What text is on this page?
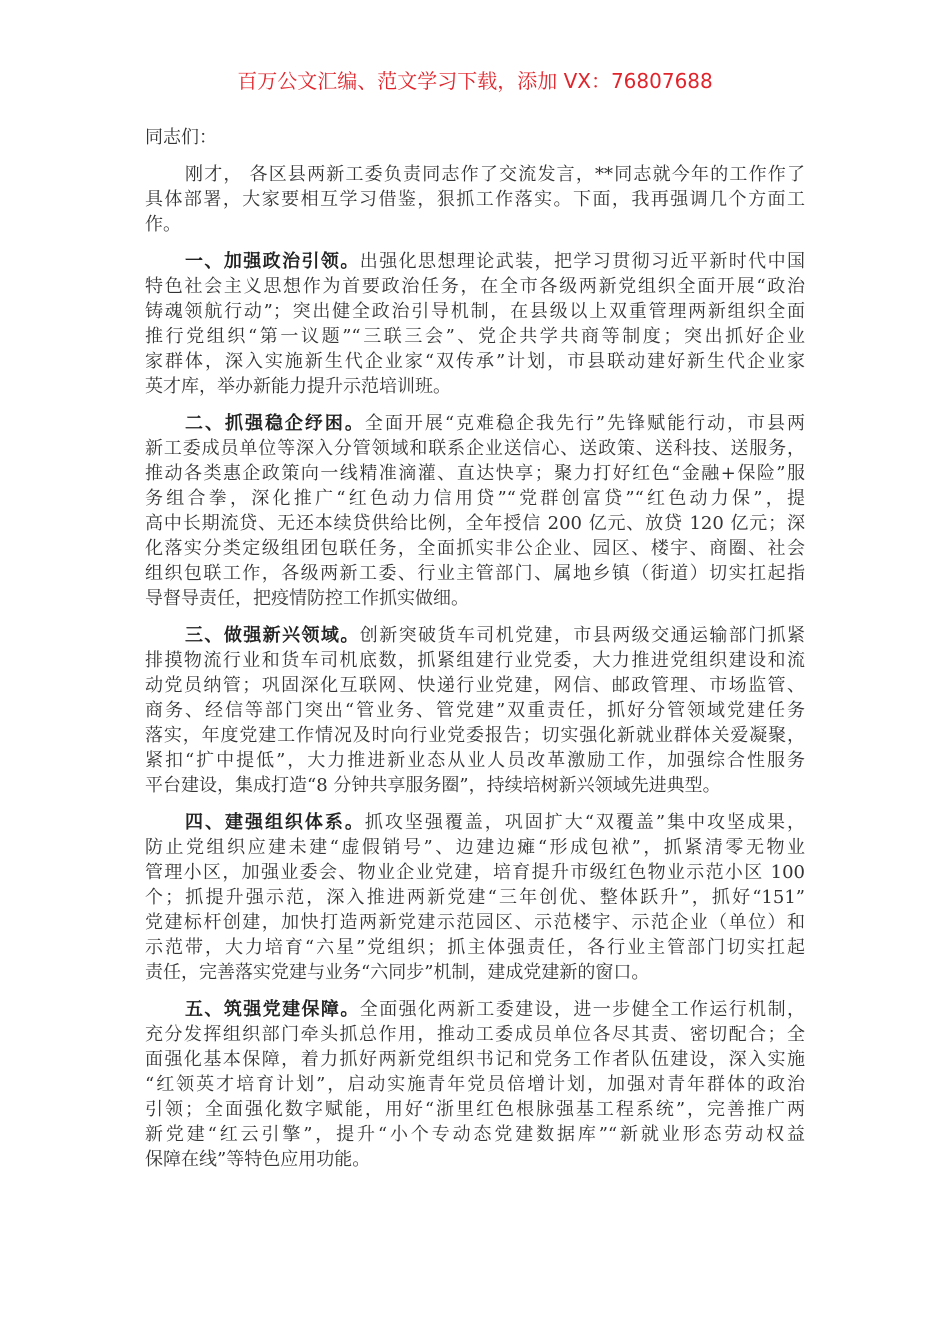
百万公文汇编、范文学习下载，添加 VX：76807688
同志们：
刚才， 各区县两新工委负责同志作了交流发言，**同志就今年的工作作了
具体部署，大家要相互学习借鉴，狠抓工作落实。下面，我再强调几个方面工
作。
一、加强政治引领。出强化思想理论武装，把学习贯彻习近平新时代中国
特色社会主义思想作为首要政治任务，在全市各级两新党组织全面开展“政治
铸魂领航行动”；突出健全政治引导机制，在县级以上双重管理两新组织全面
推行党组织“第一议题”“三联三会”、党企共学共商等制度；突出抓好企业
家群体，深入实施新生代企业家“双传承”计划，市县联动建好新生代企业家
英才库，举办新能力提升示范培训班。
二、抓强稳企纾困。全面开展“克难稳企我先行”先锋赋能行动，市县两
新工委成员单位等深入分管领域和联系企业送信心、送政策、送科技、送服务，
推动各类惠企政策向一线精准滴灌、直达快享；聚力打好红色“金融+保险”服
务组合拳，深化推广“红色动力信用贷”“党群创富贷”“红色动力保”，提
高中长期流贷、无还本续贷供给比例，全年授信 200 亿元、放贷 120 亿元；深
化落实分类定级组团包联任务，全面抓实非公企业、园区、楼宇、商圈、社会
组织包联工作，各级两新工委、行业主管部门、属地乡镇（街道）切实扛起指
导督导责任，把疫情防控工作抓实做细。
三、做强新兴领域。创新突破货车司机党建，市县两级交通运输部门抓紧
排摸物流行业和货车司机底数，抓紧组建行业党委，大力推进党组织建设和流
动党员纳管；巩固深化互联网、快递行业党建，网信、邮政管理、市场监管、
商务、经信等部门突出“管业务、管党建”双重责任，抓好分管领域党建任务
落实，年度党建工作情况及时向行业党委报告；切实强化新就业群体关爱凝聚，
紧扣“扩中提低”，大力推进新业态从业人员改革激励工作，加强综合性服务
平台建设，集成打造“8 分钟共享服务圈”，持续培树新兴领域先进典型。
四、建强组织体系。抓攻坚强覆盖，巩固扩大“双覆盖”集中攻坚成果，
防止党组织应建未建“虚假销号”、边建边瘫“形成包袱”，抓紧清零无物业
管理小区，加强业委会、物业企业党建，培育提升市级红色物业示范小区 100
个；抓提升强示范，深入推进两新党建“三年创优、整体跃升”，抓好“151”
党建标杆创建，加快打造两新党建示范园区、示范楼宇、示范企业（单位）和
示范带，大力培育“六星”党组织；抓主体强责任，各行业主管部门切实扛起
责任，完善落实党建与业务“六同步”机制，建成党建新的窗口。
五、筑强党建保障。全面强化两新工委建设，进一步健全工作运行机制，
充分发挥组织部门牵头抓总作用，推动工委成员单位各尽其责、密切配合；全
面强化基本保障，着力抓好两新党组织书记和党务工作者队伍建设，深入实施
“红领英才培育计划”，启动实施青年党员倍增计划，加强对青年群体的政治
引领；全面强化数字赋能，用好“浙里红色根脉强基工程系统”，完善推广两
新党建“红云引擎”，提升“小个专动态党建数据库”“新就业形态劳动权益
保障在线”等特色应用功能。
